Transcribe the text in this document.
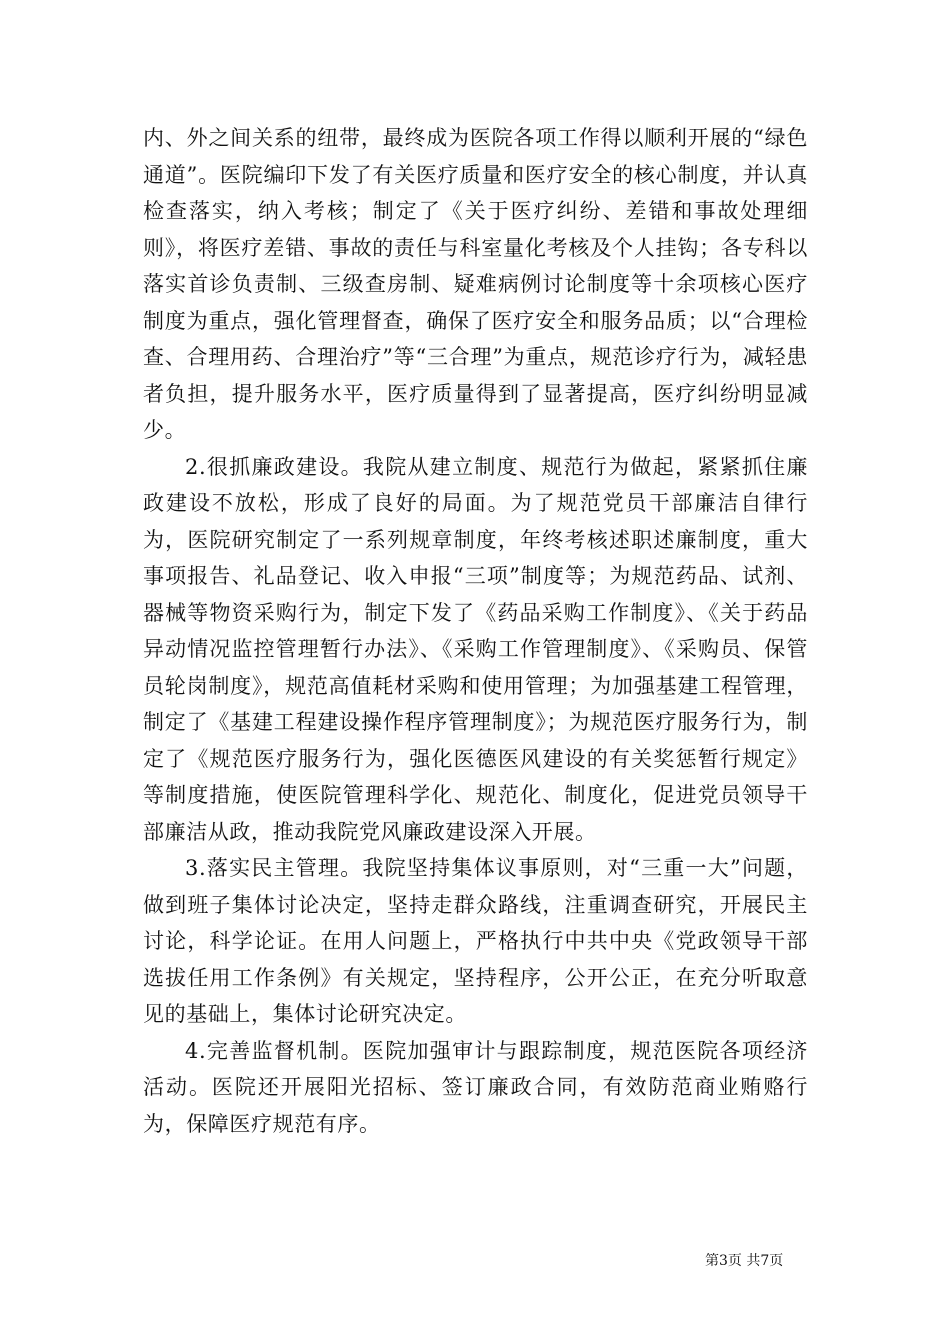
内、外之间关系的纽带，最终成为医院各项工作得以顺利开展的“绿色通道”。医院编印下发了有关医疗质量和医疗安全的核心制度，并认真检查落实，纳入考核；制定了《关于医疗纠纷、差错和事故处理细则》，将医疗差错、事故的责任与科室量化考核及个人挂钩；各专科以落实首诊负责制、三级查房制、疑难病例讨论制度等十余项核心医疗制度为重点，强化管理督查，确保了医疗安全和服务品质；以“合理检查、合理用药、合理治疗”等“三合理”为重点，规范诊疗行为，减轻患者负担，提升服务水平，医疗质量得到了显著提高，医疗纠纷明显减少。

2.很抓廉政建设。我院从建立制度、规范行为做起，紧紧抓住廉政建设不放松，形成了良好的局面。为了规范党员干部廉洁自律行为，医院研究制定了一系列规章制度，年终考核述职述廉制度，重大事项报告、礼品登记、收入申报“三项”制度等；为规范药品、试剂、器械等物资采购行为，制定下发了《药品采购工作制度》、《关于药品异动情况监控管理暂行办法》、《采购工作管理制度》、《采购员、保管员轮岗制度》，规范高值耗材采购和使用管理；为加强基建工程管理，制定了《基建工程建设操作程序管理制度》；为规范医疗服务行为，制定了《规范医疗服务行为，强化医德医风建设的有关奖惩暂行规定》等制度措施，使医院管理科学化、规范化、制度化，促进党员领导干部廉洁从政，推动我院党风廉政建设深入开展。

3.落实民主管理。我院坚持集体议事原则，对“三重一大”问题，做到班子集体讨论决定，坚持走群众路线，注重调查研究，开展民主讨论，科学论证。在用人问题上，严格执行中共中央《党政领导干部选拔任用工作条例》有关规定，坚持程序，公开公正，在充分听取意见的基础上，集体讨论研究决定。

4.完善监督机制。医院加强审计与跟踪制度，规范医院各项经济活动。医院还开展阳光招标、签订廉政合同，有效防范商业贿赂行为，保障医疗规范有序。

第3页 共7页
